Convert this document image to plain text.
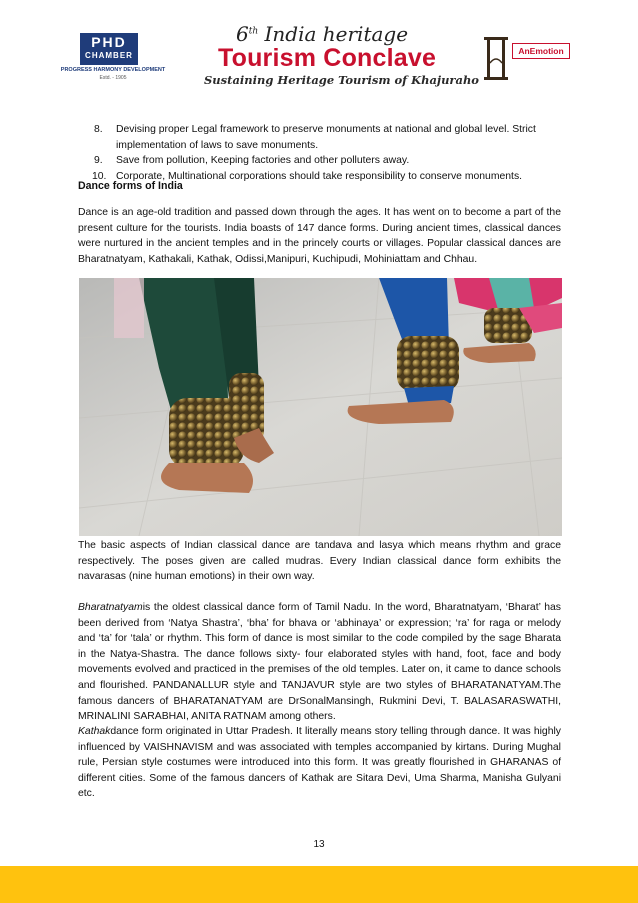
PHD
CHAMBER
PROGRESS HARMONY DEVELOPMENT
Estd. - 1905
6th India heritage
Tourism Conclave
Sustaining Heritage Tourism of Khajuraho
AnEmotion
8.	Devising proper Legal framework to preserve monuments at national and global level. Strict implementation of laws to save monuments.
9.	Save from pollution, Keeping factories and other polluters away.
10. Corporate, Multinational corporations should take responsibility to conserve monuments.
Dance forms of India

Dance is an age-old tradition and passed down through the ages. It has went on to become a part of the present culture for the tourists. India boasts of 147 dance forms. During ancient times, classical dances were nurtured in the ancient temples and in the princely courts or villages. Popular classical dances are Bharatnatyam, Kathakali, Kathak, Odissi,Manipuri, Kuchipudi, Mohiniattam and Chhau.

The basic aspects of Indian classical dance are tandava and lasya which means rhythm and grace respectively. The poses given are called mudras. Every Indian classical dance form exhibits the navarasas (nine human emotions) in their own way.

Bharatnatyamis the oldest classical dance form of Tamil Nadu. In the word, Bharatnatyam, ‘Bharat’ has been derived from ‘Natya Shastra’, ‘bha’ for bhava or ‘abhinaya’ or expression; ‘ra’ for raga or melody and ‘ta’ for ‘tala’ or rhythm. This form of dance is most similar to the code compiled by the sage Bharata in the Natya-Shastra. The dance follows sixty- four elaborated styles with hand, foot, face and body movements evolved and practiced in the premises of the old temples. Later on, it came to dance schools and flourished. PANDANALLUR style and TANJAVUR style are two styles of BHARATANATYAM.The famous dancers of BHARATANATYAM are DrSonalMansingh, Rukmini Devi, T. BALASARASWATHI, MRINALINI SARABHAI, ANITA RATNAM among others.

Kathakdance form originated in Uttar Pradesh. It literally means story telling through dance. It was highly influenced by VAISHNAVISM and was associated with temples accompanied by kirtans. During Mughal rule, Persian style costumes were introduced into this form. It was greatly flourished in GHARANAS of different cities. Some of the famous dancers of Kathak are Sitara Devi, Uma Sharma, Manisha Gulyani etc.

13
